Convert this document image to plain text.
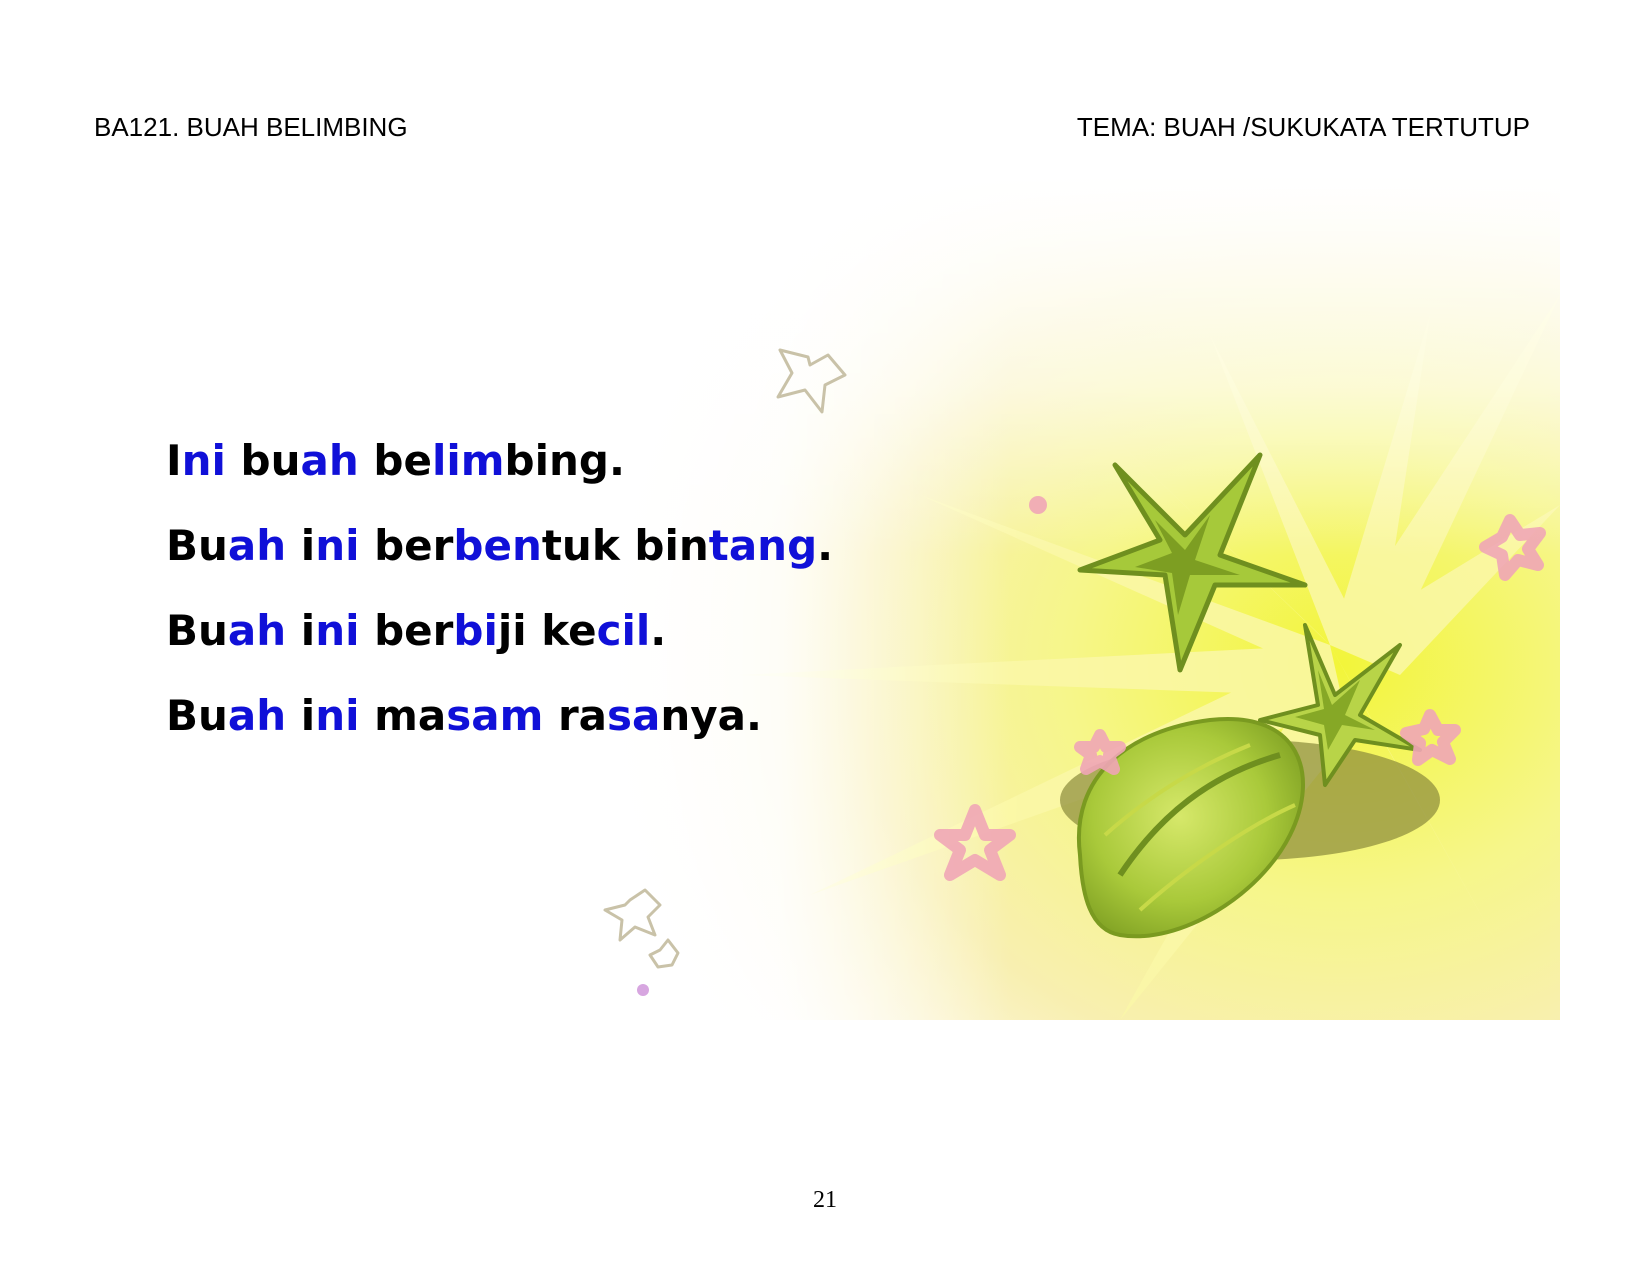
BA121. BUAH BELIMBING	TEMA: BUAH /SUKUKATA TERTUTUP
Ini buah belimbing.
Buah ini berbentuk bintang.
Buah ini berbiji kecil.
Buah ini masam rasanya.
21
